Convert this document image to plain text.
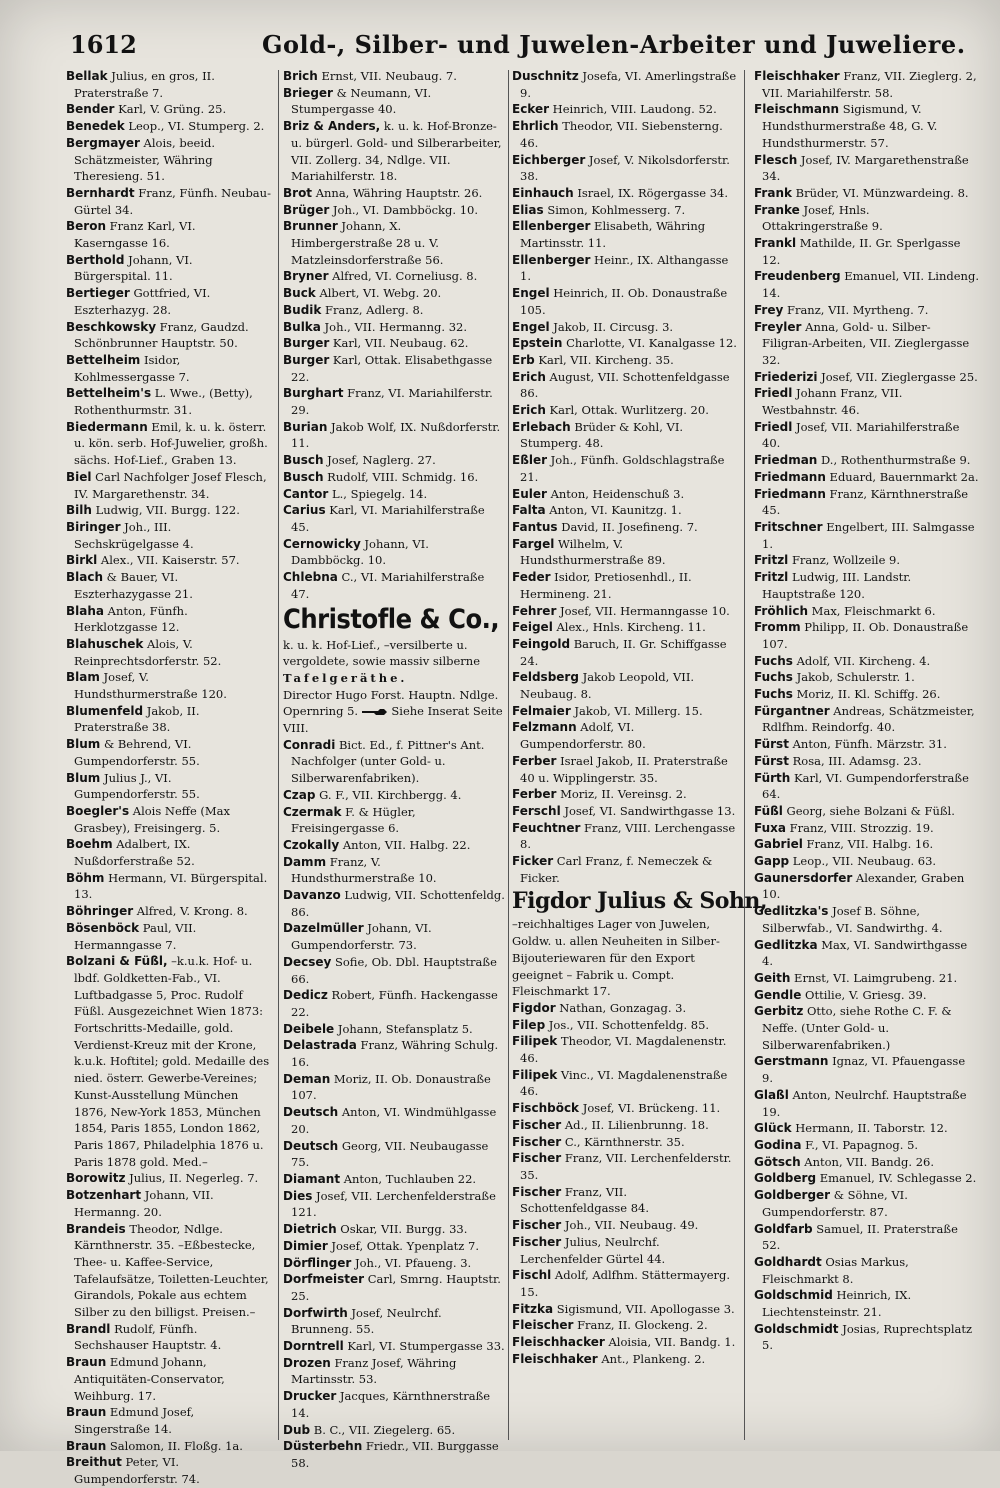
1612	Gold-, Silber- und Juwelen-Arbeiter und Juweliere.
Bellak Julius, en gros, II. Praterstraße 7.
Bender Karl, V. Grüng. 25.
Benedek Leop., VI. Stumperg. 2.
Bergmayer Alois, beeid. Schätzmeister, Währing Theresieng. 51.
Bernhardt Franz, Fünfh. Neubau-Gürtel 34.
Beron Franz Karl, VI. Kaserngasse 16.
Berthold Johann, VI. Bürgerspital. 11.
Bertieger Gottfried, VI. Eszterhazyg. 28.
Beschkowsky Franz, Gaudzd. Schönbrunner Hauptstr. 50.
Bettelheim Isidor, Kohlmessergasse 7.
Bettelheim's L. Wwe., (Betty), Rothenthurmstr. 31.
Biedermann Emil, k. u. k. österr. u. kön. serb. Hof-Juwelier, großh. sächs. Hof-Lief., Graben 13.
Biel Carl Nachfolger Josef Flesch, IV. Margarethenstr. 34.
Bilh Ludwig, VII. Burgg. 122.
Biringer Joh., III. Sechskrügelgasse 4.
Birkl Alex., VII. Kaiserstr. 57.
Blach & Bauer, VI. Eszterhazygasse 21.
Blaha Anton, Fünfh. Herklotzgasse 12.
Blahuschek Alois, V. Reinprechtsdorferstr. 52.
Blam Josef, V. Hundsthurmerstraße 120.
Blumenfeld Jakob, II. Praterstraße 38.
Blum & Behrend, VI. Gumpendorferstr. 55.
Blum Julius J., VI. Gumpendorferstr. 55.
Boegler's Alois Neffe (Max Grasbey), Freisingerg. 5.
Boehm Adalbert, IX. Nußdorferstraße 52.
Böhm Hermann, VI. Bürgerspital. 13.
Böhringer Alfred, V. Krong. 8.
Bösenböck Paul, VII. Hermanngasse 7.
Bolzani & Füßl, –k.u.k. Hof- u. lbdf. Goldketten-Fab., VI. Luftbadgasse 5, Proc. Rudolf Füßl. Ausgezeichnet Wien 1873: Fortschritts-Medaille, gold. Verdienst-Kreuz mit der Krone, k.u.k. Hoftitel; gold. Medaille des nied. österr. Gewerbe-Vereines; Kunst-Ausstellung München 1876, New-York 1853, München 1854, Paris 1855, London 1862, Paris 1867, Philadelphia 1876 u. Paris 1878 gold. Med.–
Borowitz Julius, II. Negerleg. 7.
Botzenhart Johann, VII. Hermanng. 20.
Brandeis Theodor, Ndlge. Kärnthnerstr. 35. –Eßbestecke, Thee- u. Kaffee-Service, Tafelaufsätze, Toiletten-Leuchter, Girandols, Pokale aus echtem Silber zu den billigst. Preisen.–
Brandl Rudolf, Fünfh. Sechshauser Hauptstr. 4.
Braun Edmund Johann, Antiquitäten-Conservator, Weihburg. 17.
Braun Edmund Josef, Singerstraße 14.
Braun Salomon, II. Floßg. 1a.
Breithut Peter, VI. Gumpendorferstr. 74.
Brich Ernst, VII. Neubaug. 7.
Brieger & Neumann, VI. Stumpergasse 40.
Briz & Anders, k. u. k. Hof-Bronze- u. bürgerl. Gold- und Silberarbeiter, VII. Zollerg. 34, Ndlge. VII. Mariahilferstr. 18.
Brot Anna, Währing Hauptstr. 26.
Brüger Joh., VI. Dambböckg. 10.
Brunner Johann, X. Himbergerstraße 28 u. V. Matzleinsdorferstraße 56.
Bryner Alfred, VI. Corneliusg. 8.
Buck Albert, VI. Webg. 20.
Budik Franz, Adlerg. 8.
Bulka Joh., VII. Hermanng. 32.
Burger Karl, VII. Neubaug. 62.
Burger Karl, Ottak. Elisabethgasse 22.
Burghart Franz, VI. Mariahilferstr. 29.
Burian Jakob Wolf, IX. Nußdorferstr. 11.
Busch Josef, Naglerg. 27.
Busch Rudolf, VIII. Schmidg. 16.
Cantor L., Spiegelg. 14.
Carius Karl, VI. Mariahilferstraße 45.
Cernowicky Johann, VI. Dambböckg. 10.
Chlebna C., VI. Mariahilferstraße 47.
Christofle & Co.,
k. u. k. Hof-Lief., –versilberte u. vergoldete, sowie massiv silberne
Tafelgeräthe.
Director Hugo Forst. Hauptn. Ndlge. Opernring 5.	Siehe Inserat Seite VIII.
Conradi Bict. Ed., f. Pittner's Ant. Nachfolger (unter Gold- u. Silberwarenfabriken).
Czap G. F., VII. Kirchbergg. 4.
Czermak F. & Hügler, Freisingergasse 6.
Czokally Anton, VII. Halbg. 22.
Damm Franz, V. Hundsthurmerstraße 10.
Davanzo Ludwig, VII. Schottenfeldg. 86.
Dazelmüller Johann, VI. Gumpendorferstr. 73.
Decsey Sofie, Ob. Dbl. Hauptstraße 66.
Dedicz Robert, Fünfh. Hackengasse 22.
Deibele Johann, Stefansplatz 5.
Delastrada Franz, Währing Schulg. 16.
Deman Moriz, II. Ob. Donaustraße 107.
Deutsch Anton, VI. Windmühlgasse 20.
Deutsch Georg, VII. Neubaugasse 75.
Diamant Anton, Tuchlauben 22.
Dies Josef, VII. Lerchenfelderstraße 121.
Dietrich Oskar, VII. Burgg. 33.
Dimier Josef, Ottak. Ypenplatz 7.
Dörflinger Joh., VI. Pfaueng. 3.
Dorfmeister Carl, Smrng. Hauptstr. 25.
Dorfwirth Josef, Neulrchf. Brunneng. 55.
Dorntrell Karl, VI. Stumpergasse 33.
Drozen Franz Josef, Währing Martinsstr. 53.
Drucker Jacques, Kärnthnerstraße 14.
Dub B. C., VII. Ziegelerg. 65.
Düsterbehn Friedr., VII. Burggasse 58.
Duschnitz Josefa, VI. Amerlingstraße 9.
Ecker Heinrich, VIII. Laudong. 52.
Ehrlich Theodor, VII. Siebensterng. 46.
Eichberger Josef, V. Nikolsdorferstr. 38.
Einhauch Israel, IX. Rögergasse 34.
Elias Simon, Kohlmesserg. 7.
Ellenberger Elisabeth, Währing Martinsstr. 11.
Ellenberger Heinr., IX. Althangasse 1.
Engel Heinrich, II. Ob. Donaustraße 105.
Engel Jakob, II. Circusg. 3.
Epstein Charlotte, VI. Kanalgasse 12.
Erb Karl, VII. Kircheng. 35.
Erich August, VII. Schottenfeldgasse 86.
Erich Karl, Ottak. Wurlitzerg. 20.
Erlebach Brüder & Kohl, VI. Stumperg. 48.
Eßler Joh., Fünfh. Goldschlagstraße 21.
Euler Anton, Heidenschuß 3.
Falta Anton, VI. Kaunitzg. 1.
Fantus David, II. Josefineng. 7.
Fargel Wilhelm, V. Hundsthurmerstraße 89.
Feder Isidor, Pretiosenhdl., II. Hermineng. 21.
Fehrer Josef, VII. Hermanngasse 10.
Feigel Alex., Hnls. Kircheng. 11.
Feingold Baruch, II. Gr. Schiffgasse 24.
Feldsberg Jakob Leopold, VII. Neubaug. 8.
Felmaier Jakob, VI. Millerg. 15.
Felzmann Adolf, VI. Gumpendorferstr. 80.
Ferber Israel Jakob, II. Praterstraße 40 u. Wipplingerstr. 35.
Ferber Moriz, II. Vereinsg. 2.
Ferschl Josef, VI. Sandwirthgasse 13.
Feuchtner Franz, VIII. Lerchengasse 8.
Ficker Carl Franz, f. Nemeczek & Ficker.
Figdor Julius & Sohn,
–reichhaltiges Lager von Juwelen, Goldw. u. allen Neuheiten in Silber-Bijouteriewaren für den Export geeignet – Fabrik u. Compt. Fleischmarkt 17.
Figdor Nathan, Gonzagag. 3.
Filep Jos., VII. Schottenfeldg. 85.
Filipek Theodor, VI. Magdalenenstr. 46.
Filipek Vinc., VI. Magdalenenstraße 46.
Fischböck Josef, VI. Brückeng. 11.
Fischer Ad., II. Lilienbrunng. 18.
Fischer C., Kärnthnerstr. 35.
Fischer Franz, VII. Lerchenfelderstr. 35.
Fischer Franz, VII. Schottenfeldgasse 84.
Fischer Joh., VII. Neubaug. 49.
Fischer Julius, Neulrchf. Lerchenfelder Gürtel 44.
Fischl Adolf, Adlfhm. Stättermayerg. 15.
Fitzka Sigismund, VII. Apollogasse 3.
Fleischer Franz, II. Glockeng. 2.
Fleischhacker Aloisia, VII. Bandg. 1.
Fleischhaker Ant., Plankeng. 2.
Fleischhaker Franz, VII. Zieglerg. 2, VII. Mariahilferstr. 58.
Fleischmann Sigismund, V. Hundsthurmerstraße 48, G. V. Hundsthurmerstr. 57.
Flesch Josef, IV. Margarethenstraße 34.
Frank Brüder, VI. Münzwardeing. 8.
Franke Josef, Hnls. Ottakringerstraße 9.
Frankl Mathilde, II. Gr. Sperlgasse 12.
Freudenberg Emanuel, VII. Lindeng. 14.
Frey Franz, VII. Myrtheng. 7.
Freyler Anna, Gold- u. Silber-Filigran-Arbeiten, VII. Zieglergasse 32.
Friederizi Josef, VII. Zieglergasse 25.
Friedl Johann Franz, VII. Westbahnstr. 46.
Friedl Josef, VII. Mariahilferstraße 40.
Friedman D., Rothenthurmstraße 9.
Friedmann Eduard, Bauernmarkt 2a.
Friedmann Franz, Kärnthnerstraße 45.
Fritschner Engelbert, III. Salmgasse 1.
Fritzl Franz, Wollzeile 9.
Fritzl Ludwig, III. Landstr. Hauptstraße 120.
Fröhlich Max, Fleischmarkt 6.
Fromm Philipp, II. Ob. Donaustraße 107.
Fuchs Adolf, VII. Kircheng. 4.
Fuchs Jakob, Schulerstr. 1.
Fuchs Moriz, II. Kl. Schiffg. 26.
Fürgantner Andreas, Schätzmeister, Rdlfhm. Reindorfg. 40.
Fürst Anton, Fünfh. Märzstr. 31.
Fürst Rosa, III. Adamsg. 23.
Fürth Karl, VI. Gumpendorferstraße 64.
Füßl Georg, siehe Bolzani & Füßl.
Fuxa Franz, VIII. Strozzig. 19.
Gabriel Franz, VII. Halbg. 16.
Gapp Leop., VII. Neubaug. 63.
Gaunersdorfer Alexander, Graben 10.
Gedlitzka's Josef B. Söhne, Silberwfab., VI. Sandwirthg. 4.
Gedlitzka Max, VI. Sandwirthgasse 4.
Geith Ernst, VI. Laimgrubeng. 21.
Gendle Ottilie, V. Griesg. 39.
Gerbitz Otto, siehe Rothe C. F. & Neffe. (Unter Gold- u. Silberwarenfabriken.)
Gerstmann Ignaz, VI. Pfauengasse 9.
Glaßl Anton, Neulrchf. Hauptstraße 19.
Glück Hermann, II. Taborstr. 12.
Godina F., VI. Papagnog. 5.
Götsch Anton, VII. Bandg. 26.
Goldberg Emanuel, IV. Schlegasse 2.
Goldberger & Söhne, VI. Gumpendorferstr. 87.
Goldfarb Samuel, II. Praterstraße 52.
Goldhardt Osias Markus, Fleischmarkt 8.
Goldschmid Heinrich, IX. Liechtensteinstr. 21.
Goldschmidt Josias, Ruprechtsplatz 5.
